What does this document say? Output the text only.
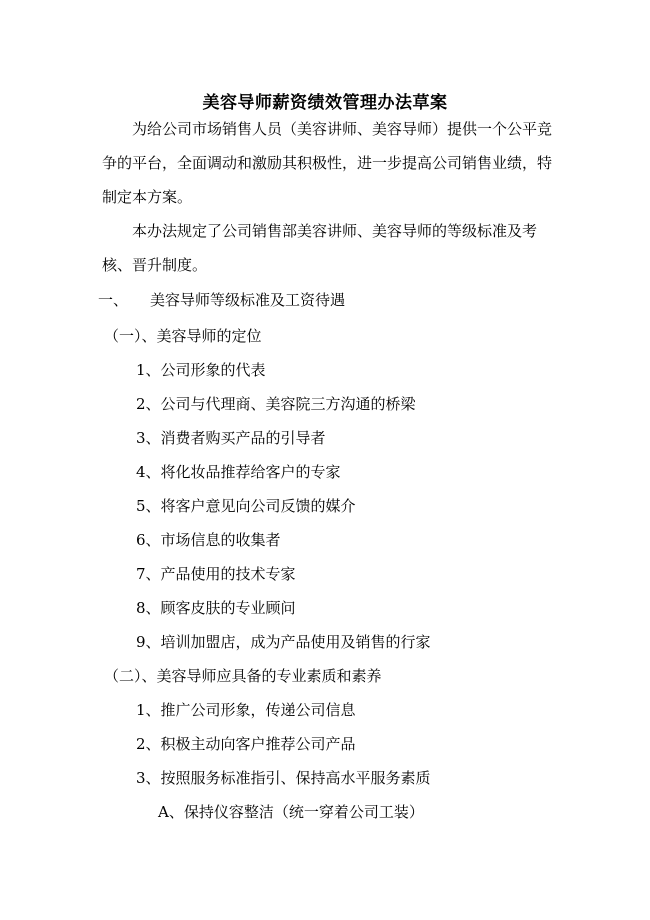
美容导师薪资绩效管理办法草案

为给公司市场销售人员（美容讲师、美容导师）提供一个公平竞争的平台，全面调动和激励其积极性，进一步提高公司销售业绩，特制定本方案。

本办法规定了公司销售部美容讲师、美容导师的等级标准及考核、晋升制度。

一、 美容导师等级标准及工资待遇
（一）、美容导师的定位
1、公司形象的代表
2、公司与代理商、美容院三方沟通的桥梁
3、消费者购买产品的引导者
4、将化妆品推荐给客户的专家
5、将客户意见向公司反馈的媒介
6、市场信息的收集者
7、产品使用的技术专家
8、顾客皮肤的专业顾问
9、培训加盟店，成为产品使用及销售的行家
（二）、美容导师应具备的专业素质和素养
1、推广公司形象，传递公司信息
2、积极主动向客户推荐公司产品
3、按照服务标准指引、保持高水平服务素质
A、保持仪容整洁（统一穿着公司工装）
